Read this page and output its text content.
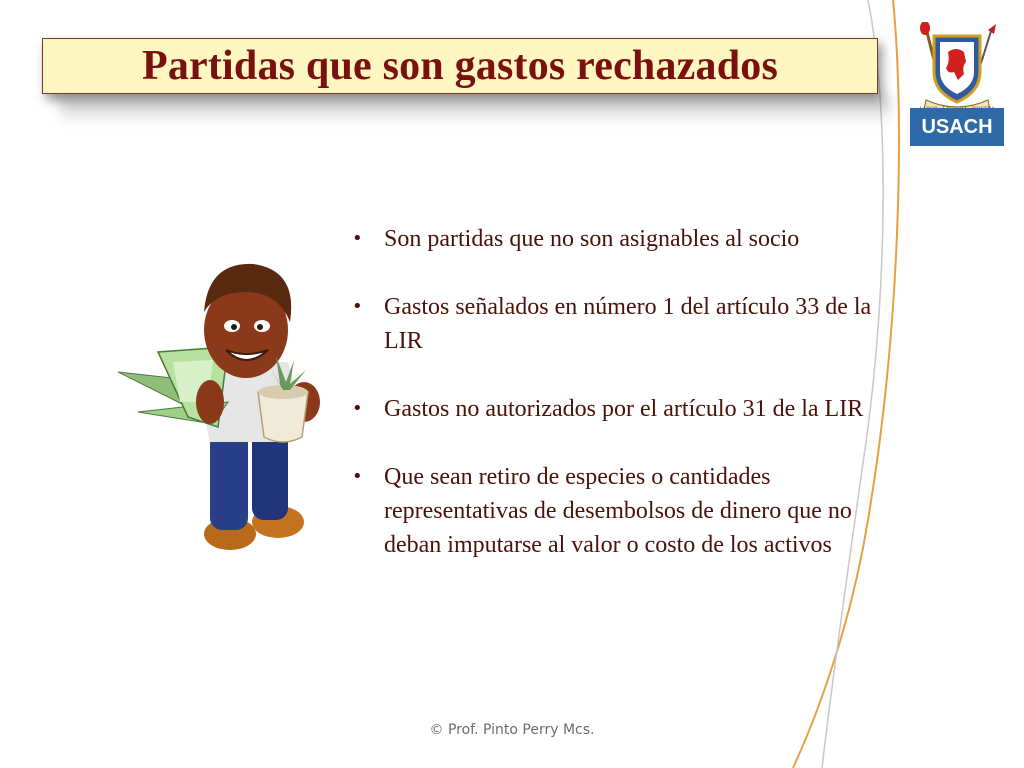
Partidas que son gastos rechazados
USACH
• Son partidas que no son asignables al socio
• Gastos señalados en número 1 del artículo 33 de la LIR
• Gastos no autorizados por el artículo 31 de la LIR
• Que sean retiro de especies o cantidades representativas de desembolsos de dinero que no deban imputarse al valor o costo de los activos
© Prof. Pinto Perry Mcs.
